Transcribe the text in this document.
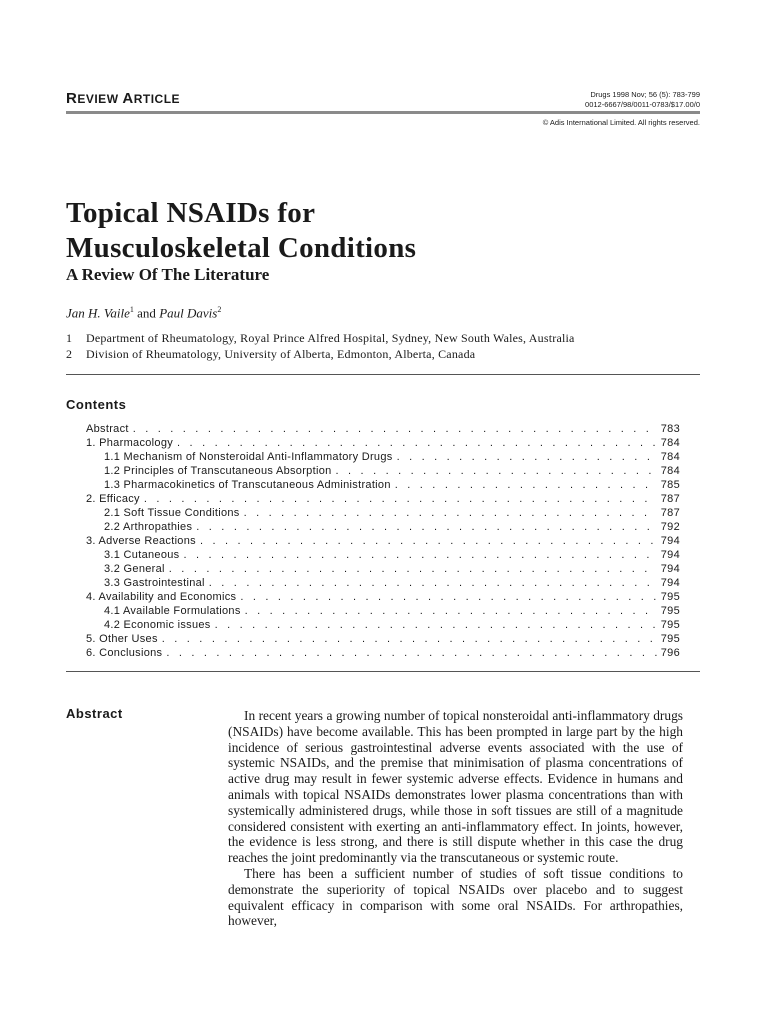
REVIEW ARTICLE	Drugs 1998 Nov; 56 (5): 783-799
0012-6667/98/0011-0783/$17.00/0
© Adis International Limited. All rights reserved.
Topical NSAIDs for
Musculoskeletal Conditions
A Review Of The Literature
Jan H. Vaile$^1$ and Paul Davis$^2$
1 Department of Rheumatology, Royal Prince Alfred Hospital, Sydney, New South Wales, Australia
2 Division of Rheumatology, University of Alberta, Edmonton, Alberta, Canada
Contents
Abstract . . .	783
1. Pharmacology . . .	784
1.1 Mechanism of Nonsteroidal Anti-Inflammatory Drugs . . .	784
1.2 Principles of Transcutaneous Absorption . . .	784
1.3 Pharmacokinetics of Transcutaneous Administration . . .	785
2. Efficacy . . .	787
2.1 Soft Tissue Conditions . . .	787
2.2 Arthropathies . . .	792
3. Adverse Reactions . . .	794
3.1 Cutaneous . . .	794
3.2 General . . .	794
3.3 Gastrointestinal . . .	794
4. Availability and Economics . . .	795
4.1 Available Formulations . . .	795
4.2 Economic issues . . .	795
5. Other Uses . . .	795
6. Conclusions . . .	796
Abstract	In recent years a growing number of topical nonsteroidal anti-inflammatory drugs (NSAIDs) have become available. This has been prompted in large part by the high incidence of serious gastrointestinal adverse events associated with the use of systemic NSAIDs, and the premise that minimisation of plasma concentrations of active drug may result in fewer systemic adverse effects. Evidence in humans and animals with topical NSAIDs demonstrates lower plasma concentrations than with systemically administered drugs, while those in soft tissues are still of a magnitude considered consistent with exerting an anti-inflammatory effect. In joints, however, the evidence is less strong, and there is still dispute whether in this case the drug reaches the joint predominantly via the transcutaneous or systemic route.

There has been a sufficient number of studies of soft tissue conditions to demonstrate the superiority of topical NSAIDs over placebo and to suggest equivalent efficacy in comparison with some oral NSAIDs. For arthropathies, however,
